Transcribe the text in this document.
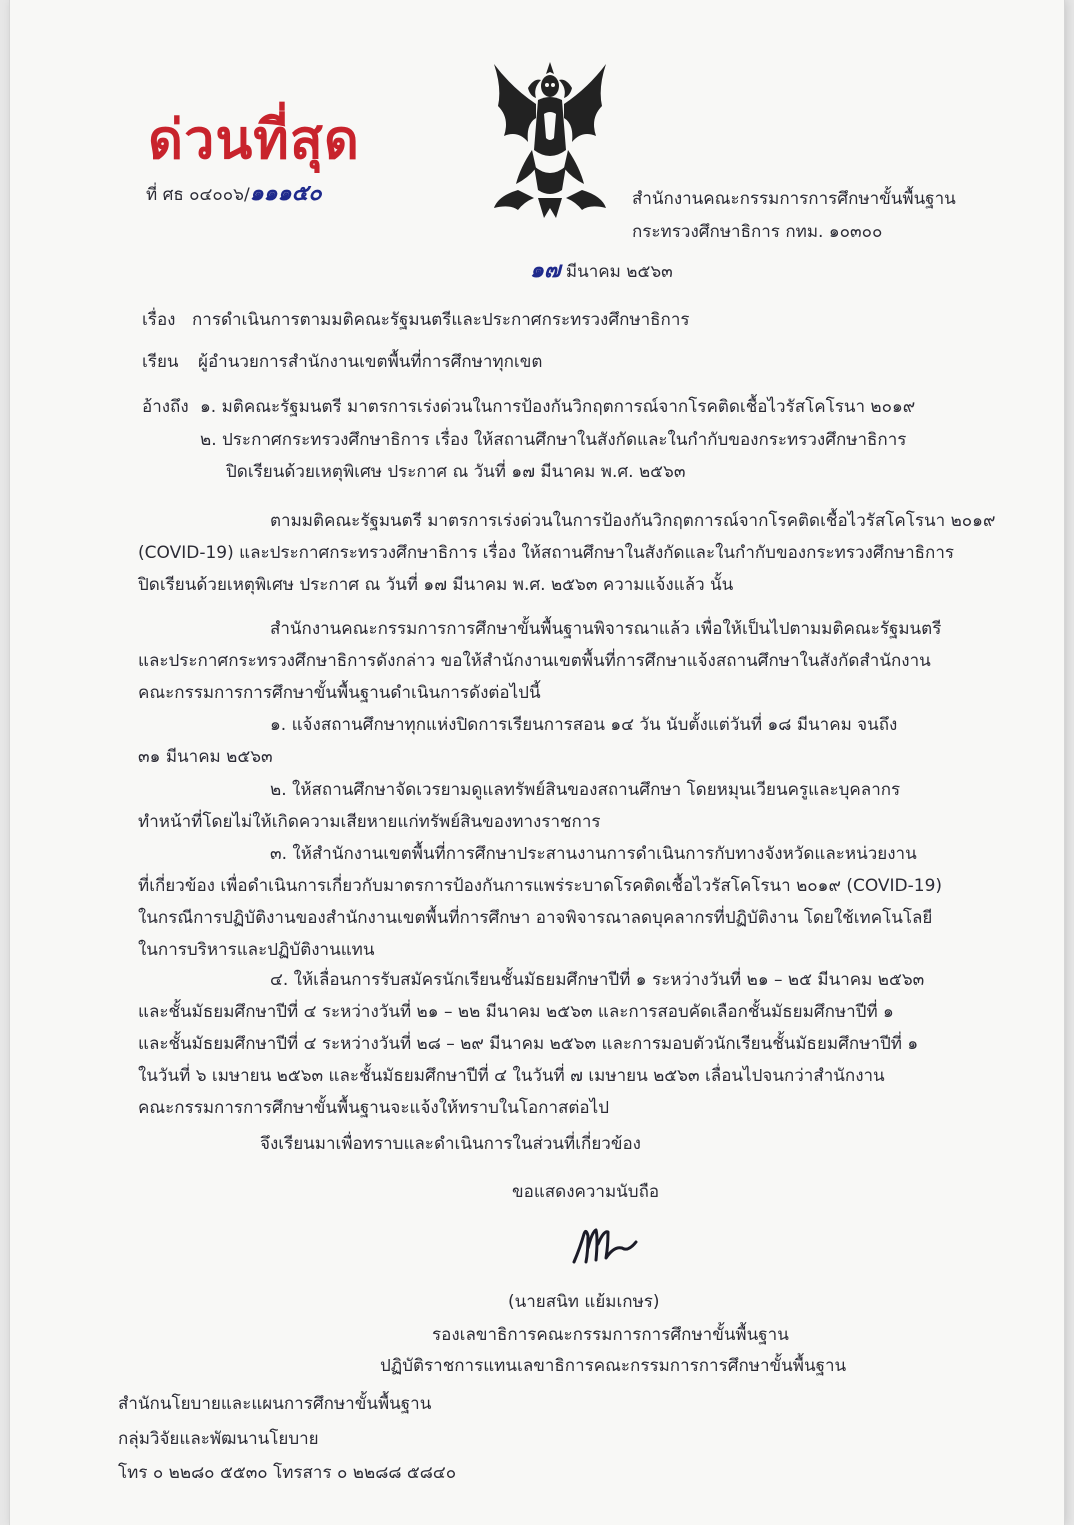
ด่วนที่สุด
ที่ ศธ ๐๔๐๐๖/๑๑๑๕๐	สำนักงานคณะกรรมการการศึกษาขั้นพื้นฐาน
กระทรวงศึกษาธิการ กทม. ๑๐๓๐๐
๑๗ มีนาคม ๒๕๖๓
เรื่อง การดำเนินการตามมติคณะรัฐมนตรีและประกาศกระทรวงศึกษาธิการ
เรียน ผู้อำนวยการสำนักงานเขตพื้นที่การศึกษาทุกเขต
อ้างถึง ๑. มติคณะรัฐมนตรี มาตรการเร่งด่วนในการป้องกันวิกฤตการณ์จากโรคติดเชื้อไวรัสโคโรนา ๒๐๑๙
๒. ประกาศกระทรวงศึกษาธิการ เรื่อง ให้สถานศึกษาในสังกัดและในกำกับของกระทรวงศึกษาธิการ
ปิดเรียนด้วยเหตุพิเศษ ประกาศ ณ วันที่ ๑๗ มีนาคม พ.ศ. ๒๕๖๓
ตามมติคณะรัฐมนตรี มาตรการเร่งด่วนในการป้องกันวิกฤตการณ์จากโรคติดเชื้อไวรัสโคโรนา ๒๐๑๙
(COVID-19) และประกาศกระทรวงศึกษาธิการ เรื่อง ให้สถานศึกษาในสังกัดและในกำกับของกระทรวงศึกษาธิการ
ปิดเรียนด้วยเหตุพิเศษ ประกาศ ณ วันที่ ๑๗ มีนาคม พ.ศ. ๒๕๖๓ ความแจ้งแล้ว นั้น
สำนักงานคณะกรรมการการศึกษาขั้นพื้นฐานพิจารณาแล้ว เพื่อให้เป็นไปตามมติคณะรัฐมนตรี
และประกาศกระทรวงศึกษาธิการดังกล่าว ขอให้สำนักงานเขตพื้นที่การศึกษาแจ้งสถานศึกษาในสังกัดสำนักงาน
คณะกรรมการการศึกษาขั้นพื้นฐานดำเนินการดังต่อไปนี้
๑. แจ้งสถานศึกษาทุกแห่งปิดการเรียนการสอน ๑๔ วัน นับตั้งแต่วันที่ ๑๘ มีนาคม จนถึง
๓๑ มีนาคม ๒๕๖๓
๒. ให้สถานศึกษาจัดเวรยามดูแลทรัพย์สินของสถานศึกษา โดยหมุนเวียนครูและบุคลากร
ทำหน้าที่โดยไม่ให้เกิดความเสียหายแก่ทรัพย์สินของทางราชการ
๓. ให้สำนักงานเขตพื้นที่การศึกษาประสานงานการดำเนินการกับทางจังหวัดและหน่วยงาน
ที่เกี่ยวข้อง เพื่อดำเนินการเกี่ยวกับมาตรการป้องกันการแพร่ระบาดโรคติดเชื้อไวรัสโคโรนา ๒๐๑๙ (COVID-19)
ในกรณีการปฏิบัติงานของสำนักงานเขตพื้นที่การศึกษา อาจพิจารณาลดบุคลากรที่ปฏิบัติงาน โดยใช้เทคโนโลยี
ในการบริหารและปฏิบัติงานแทน
๔. ให้เลื่อนการรับสมัครนักเรียนชั้นมัธยมศึกษาปีที่ ๑ ระหว่างวันที่ ๒๑ – ๒๕ มีนาคม ๒๕๖๓
และชั้นมัธยมศึกษาปีที่ ๔ ระหว่างวันที่ ๒๑ – ๒๒ มีนาคม ๒๕๖๓ และการสอบคัดเลือกชั้นมัธยมศึกษาปีที่ ๑
และชั้นมัธยมศึกษาปีที่ ๔ ระหว่างวันที่ ๒๘ – ๒๙ มีนาคม ๒๕๖๓ และการมอบตัวนักเรียนชั้นมัธยมศึกษาปีที่ ๑
ในวันที่ ๖ เมษายน ๒๕๖๓ และชั้นมัธยมศึกษาปีที่ ๔ ในวันที่ ๗ เมษายน ๒๕๖๓ เลื่อนไปจนกว่าสำนักงาน
คณะกรรมการการศึกษาขั้นพื้นฐานจะแจ้งให้ทราบในโอกาสต่อไป
จึงเรียนมาเพื่อทราบและดำเนินการในส่วนที่เกี่ยวข้อง
ขอแสดงความนับถือ
(นายสนิท แย้มเกษร)
รองเลขาธิการคณะกรรมการการศึกษาขั้นพื้นฐาน
ปฏิบัติราชการแทนเลขาธิการคณะกรรมการการศึกษาขั้นพื้นฐาน
สำนักนโยบายและแผนการศึกษาขั้นพื้นฐาน
กลุ่มวิจัยและพัฒนานโยบาย
โทร ๐ ๒๒๘๐ ๕๕๓๐ โทรสาร ๐ ๒๒๘๘ ๕๘๔๐
